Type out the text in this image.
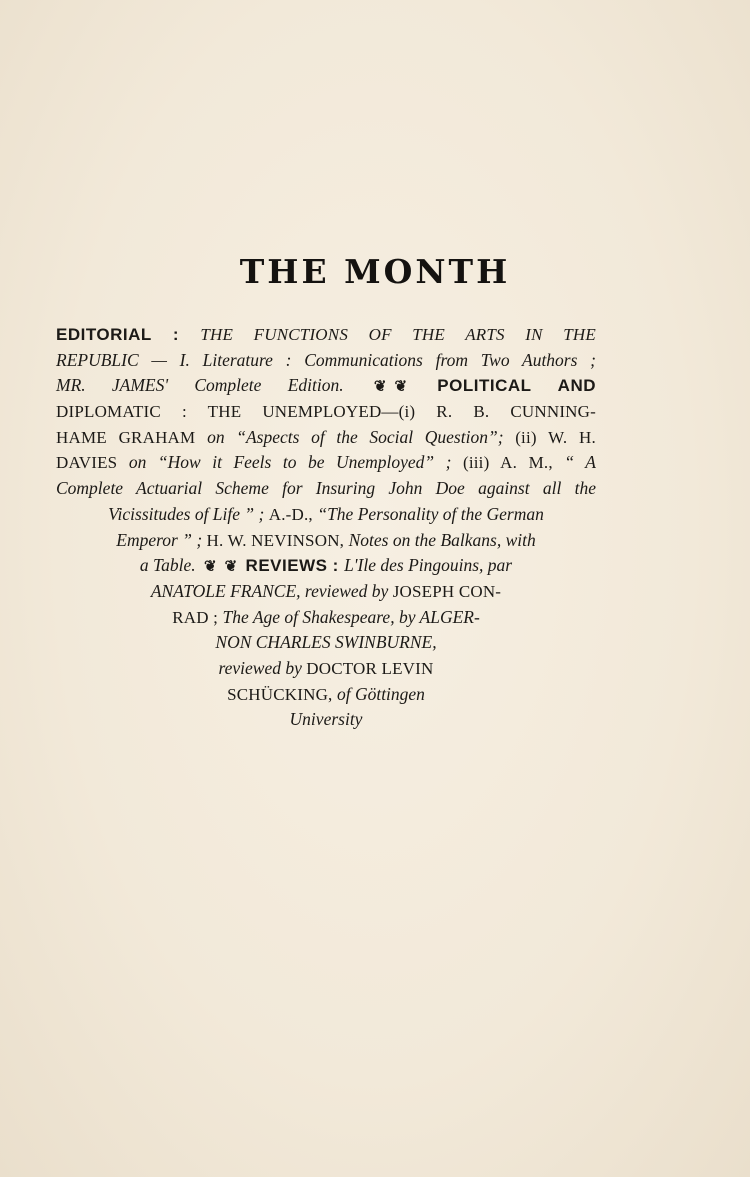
THE MONTH
EDITORIAL : THE FUNCTIONS OF THE ARTS IN THE
REPUBLIC — I. Literature : Communications from Two Authors ;
MR. JAMES' Complete Edition. ❦ ❦ POLITICAL AND
DIPLOMATIC : THE UNEMPLOYED—(i) R. B. CUNNING-
HAME GRAHAM on “Aspects of the Social Question”; (ii) W. H.
DAVIES on “How it Feels to be Unemployed” ; (iii) A. M., “ A
Complete Actuarial Scheme for Insuring John Doe against all the
Vicissitudes of Life ” ; A.-D., “The Personality of the German
Emperor ” ; H. W. NEVINSON, Notes on the Balkans, with
a Table. ❦ ❦ REVIEWS : L'Ile des Pingouins, par
ANATOLE FRANCE, reviewed by JOSEPH CON-
RAD ; The Age of Shakespeare, by ALGER-
NON CHARLES SWINBURNE,
reviewed by DOCTOR LEVIN
SCHÜCKING, of Göttingen
University
